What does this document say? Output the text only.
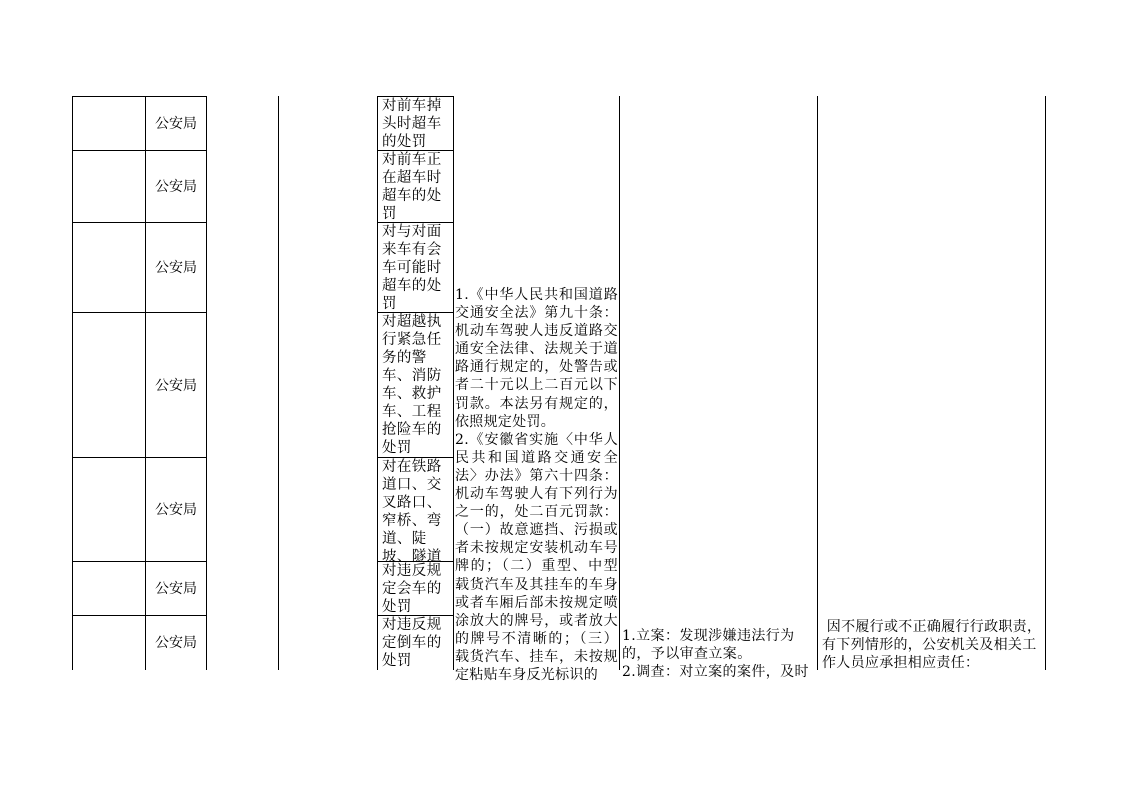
公安局
公安局
公安局
公安局
公安局
公安局
公安局
对前车掉头时超车的处罚
对前车正在超车时超车的处罚
对与对面来车有会车可能时超车的处罚
对超越执行紧急任务的警车、消防车、救护车、工程抢险车的处罚
对在铁路道口、交叉路口、窄桥、弯道、陡坡、隧道
对违反规定会车的处罚
对违反规定倒车的处罚

1.《中华人民共和国道路交通安全法》第九十条：机动车驾驶人违反道路交通安全法律、法规关于道路通行规定的，处警告或者二十元以上二百元以下罚款。本法另有规定的，依照规定处罚。

2.《安徽省实施〈中华人民共和国道路交通安全法〉办法》第六十四条：机动车驾驶人有下列行为之一的，处二百元罚款：（一）故意遮挡、污损或者未按规定安装机动车号牌的；（二）重型、中型载货汽车及其挂车的车身或者车厢后部未按规定喷涂放大的牌号，或者放大的牌号不清晰的；（三）载货汽车、挂车，未按规定粘贴车身反光标识的

1.立案：发现涉嫌违法行为的，予以审查立案。

2.调查：对立案的案件，及时

因不履行或不正确履行行政职责，有下列情形的，公安机关及相关工作人员应承担相应责任：
